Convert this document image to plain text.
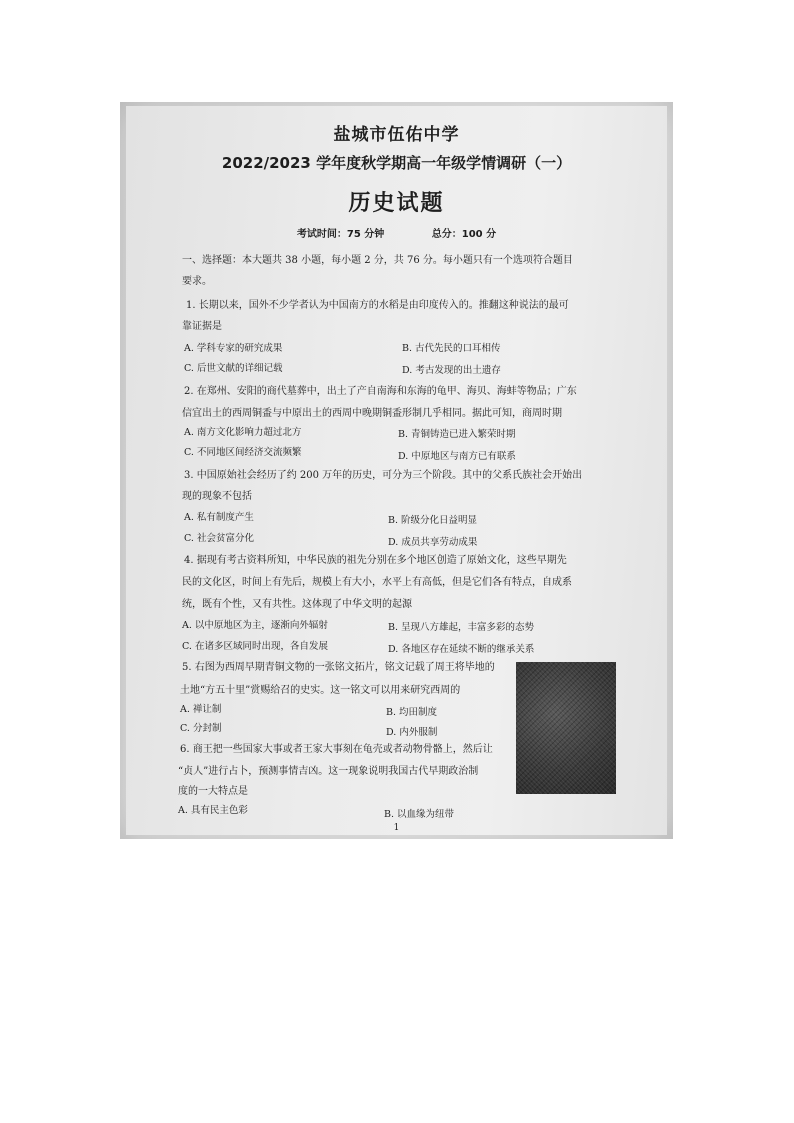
盐城市伍佑中学
2022/2023 学年度秋学期高一年级学情调研（一）
历史试题
考试时间：75 分钟	总分：100 分
一、选择题：本大题共 38 小题，每小题 2 分，共 76 分。每小题只有一个选项符合题目
要求。
1. 长期以来，国外不少学者认为中国南方的水稻是由印度传入的。推翻这种说法的最可
靠证据是
A. 学科专家的研究成果	B. 古代先民的口耳相传
C. 后世文献的详细记载	D. 考古发现的出土遗存
2. 在郑州、安阳的商代墓葬中，出土了产自南海和东海的龟甲、海贝、海蚌等物品；广东
信宜出土的西周铜盉与中原出土的西周中晚期铜盉形制几乎相同。据此可知，商周时期
A. 南方文化影响力超过北方	B. 青铜铸造已进入繁荣时期
C. 不同地区间经济交流频繁	D. 中原地区与南方已有联系
3. 中国原始社会经历了约 200 万年的历史，可分为三个阶段。其中的父系氏族社会开始出
现的现象不包括
A. 私有制度产生	B. 阶级分化日益明显
C. 社会贫富分化	D. 成员共享劳动成果
4. 据现有考古资料所知，中华民族的祖先分别在多个地区创造了原始文化，这些早期先
民的文化区，时间上有先后，规模上有大小，水平上有高低，但是它们各有特点，自成系
统，既有个性，又有共性。这体现了中华文明的起源
A. 以中原地区为主，逐渐向外辐射	B. 呈现八方雄起，丰富多彩的态势
C. 在诸多区域同时出现，各自发展	D. 各地区存在延续不断的继承关系
5. 右图为西周早期青铜文物的一张铭文拓片，铭文记载了周王将毕地的
土地“方五十里”赏赐给召的史实。这一铭文可以用来研究西周的
A. 禅让制	B. 均田制度
C. 分封制	D. 内外服制
6. 商王把一些国家大事或者王家大事刻在龟壳或者动物骨骼上，然后让
“贞人”进行占卜，预测事情吉凶。这一现象说明我国古代早期政治制
度的一大特点是
A. 具有民主色彩	B. 以血缘为纽带
1
